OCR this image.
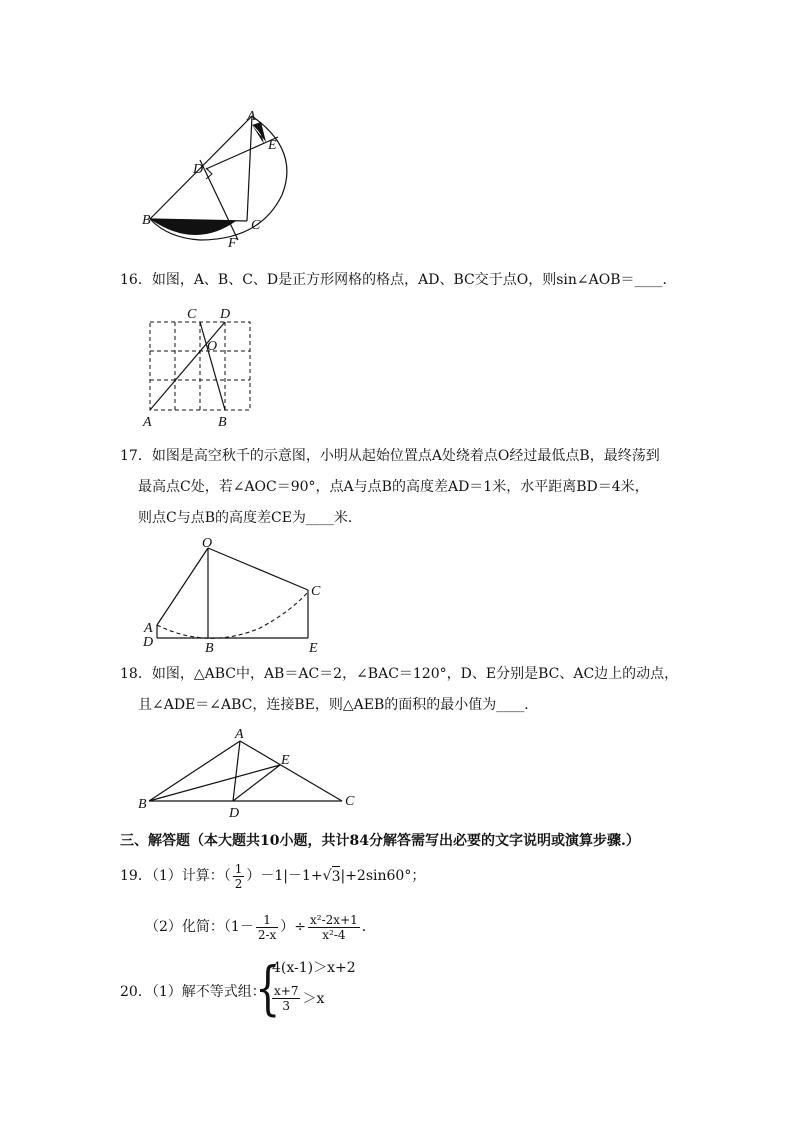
A
E
D
B	C
F
16．如图，A、B、C、D是正方形网格的格点，AD、BC交于点O，则sin∠AOB＝____．
C D
O
A	B
17．如图是高空秋千的示意图，小明从起始位置点A处绕着点O经过最低点B，最终荡到
最高点C处，若∠AOC＝90°，点A与点B的高度差AD＝1米，水平距离BD＝4米，
则点C与点B的高度差CE为____米．
O
C
A
D	B	E
18．如图，△ABC中，AB＝AC＝2，∠BAC＝120°，D、E分别是BC、AC边上的动点，
且∠ADE＝∠ABC，连接BE，则△AEB的面积的最小值为____．
A
E
B
D
C
三、解答题（本大题共10小题，共计84分解答需写出必要的文字说明或演算步骤.）
19．（1）计算：（ $\frac{1}{2} )-1|-1+$ √ 3 |+2sin60°；
（2）化简：（$1- \frac{1}{2-x}$ ）÷ $\frac{\text{x²-2x+1}}{\text{x²-4}}$ ．
20．（1）解不等式组：
{
4(x-1)＞x+2
$\frac{x+7}{3} >x$
